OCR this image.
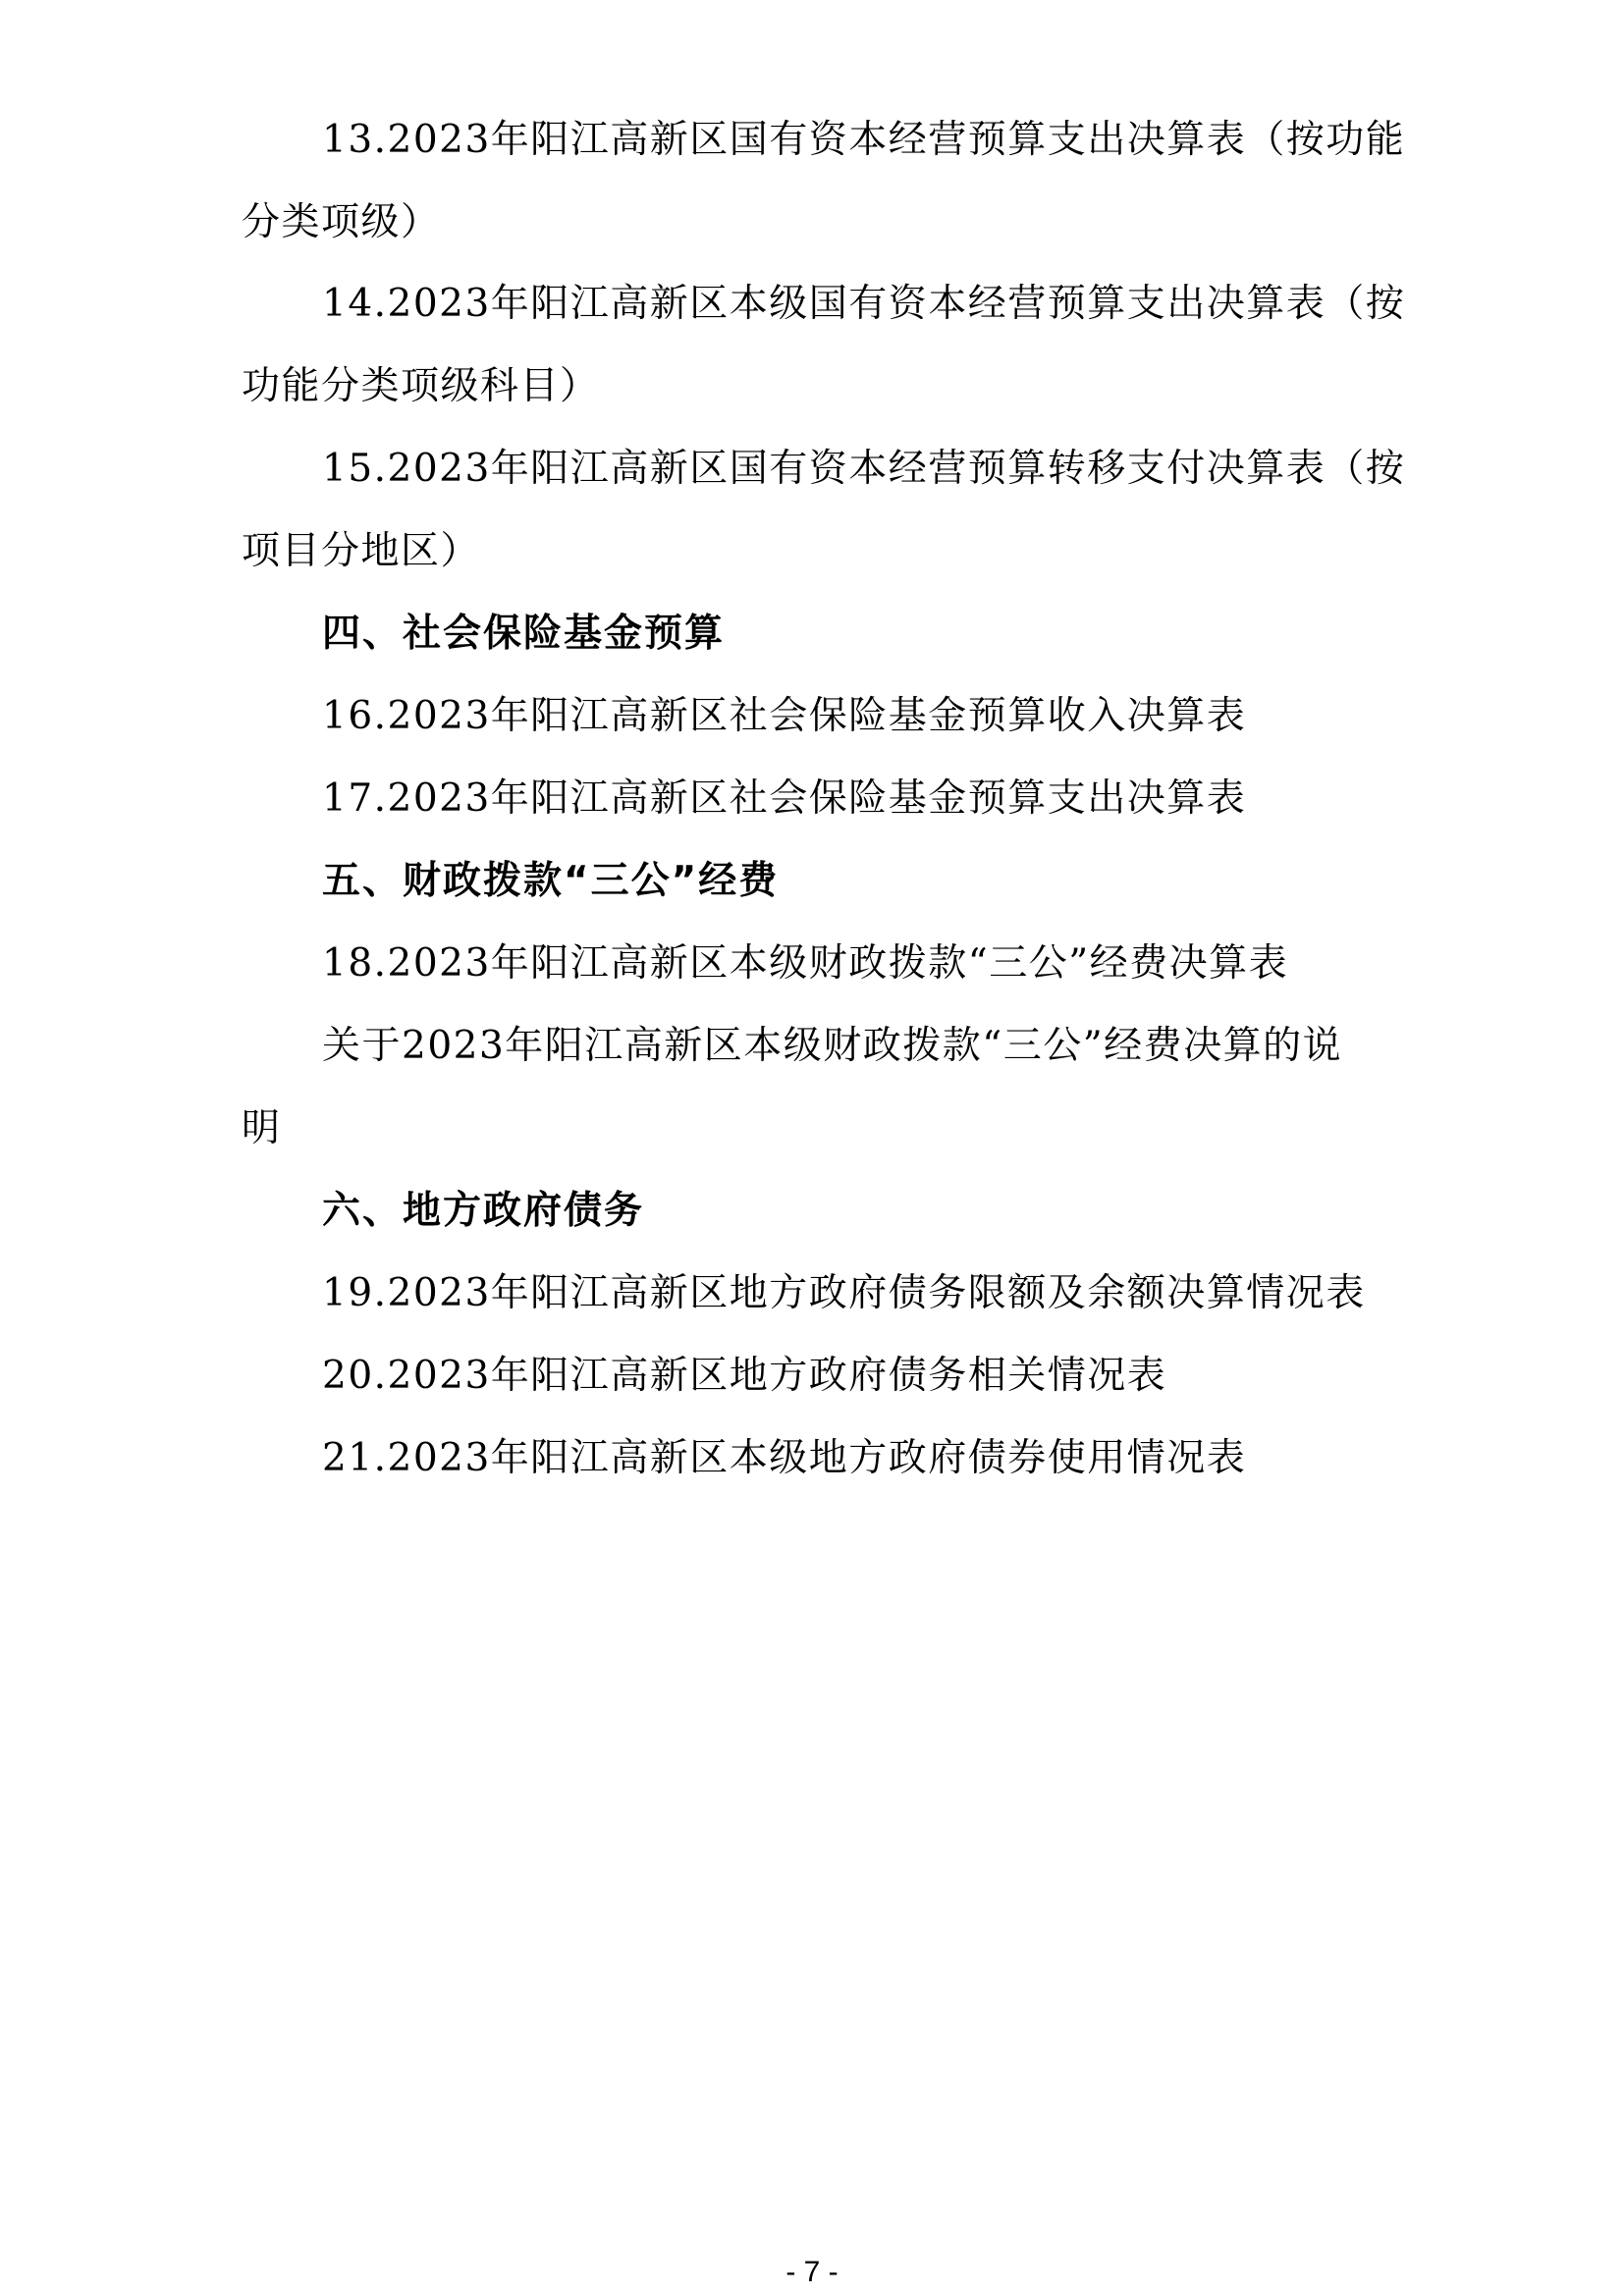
13.2023年阳江高新区国有资本经营预算支出决算表（按功能
分类项级）
14.2023年阳江高新区本级国有资本经营预算支出决算表（按
功能分类项级科目）
15.2023年阳江高新区国有资本经营预算转移支付决算表（按
项目分地区）
四、社会保险基金预算
16.2023年阳江高新区社会保险基金预算收入决算表
17.2023年阳江高新区社会保险基金预算支出决算表
五、财政拨款“三公”经费
18.2023年阳江高新区本级财政拨款“三公”经费决算表
关于2023年阳江高新区本级财政拨款“三公”经费决算的说
明
六、地方政府债务
19.2023年阳江高新区地方政府债务限额及余额决算情况表
20.2023年阳江高新区地方政府债务相关情况表
21.2023年阳江高新区本级地方政府债券使用情况表
- 7 -
